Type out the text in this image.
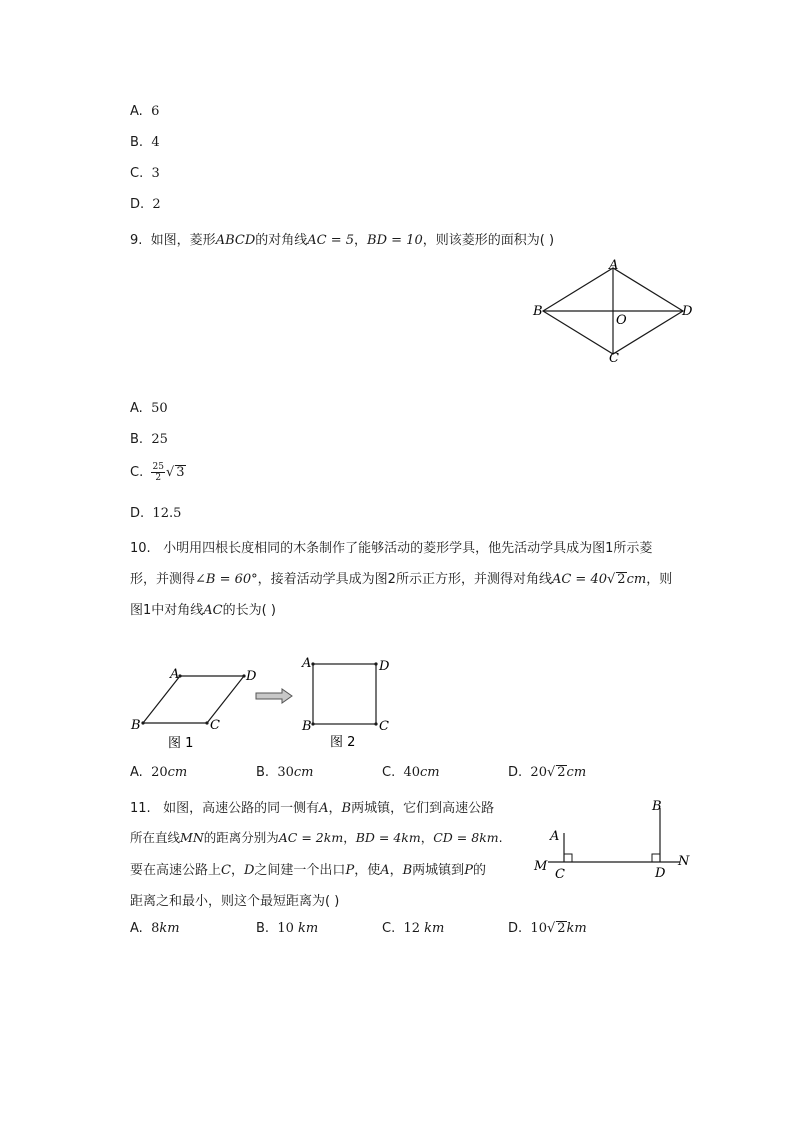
A. 6
B. 4
C. 3
D. 2
9. 如图，菱形ABCD的对角线AC = 5，BD = 10，则该菱形的面积为( )
A
B	D
C
O
A. 50
B. 25
C. $\frac{25}{2}$ √ 3
D. 12.5
10. 小明用四根长度相同的木条制作了能够活动的菱形学具，他先活动学具成为图1所示菱
形，并测得∠B = 60°，接着活动学具成为图2所示正方形，并测得对角线AC = 40√ 2cm，则
图1中对角线AC的长为( )
A	D
B	C
图 1
A	D
B	C
图 2
A. 20cm	B. 30cm	C. 40cm	D. 20√ 2cm
11. 如图，高速公路的同一侧有A，B两城镇，它们到高速公路
所在直线MN的距离分别为AC = 2km，BD = 4km，CD = 8km.
要在高速公路上C，D之间建一个出口P，使A，B两城镇到P的
距离之和最小，则这个最短距离为( )
A
B
M	N
C	D
A. 8km	B. 10 km	C. 12 km	D. 10√ 2km
